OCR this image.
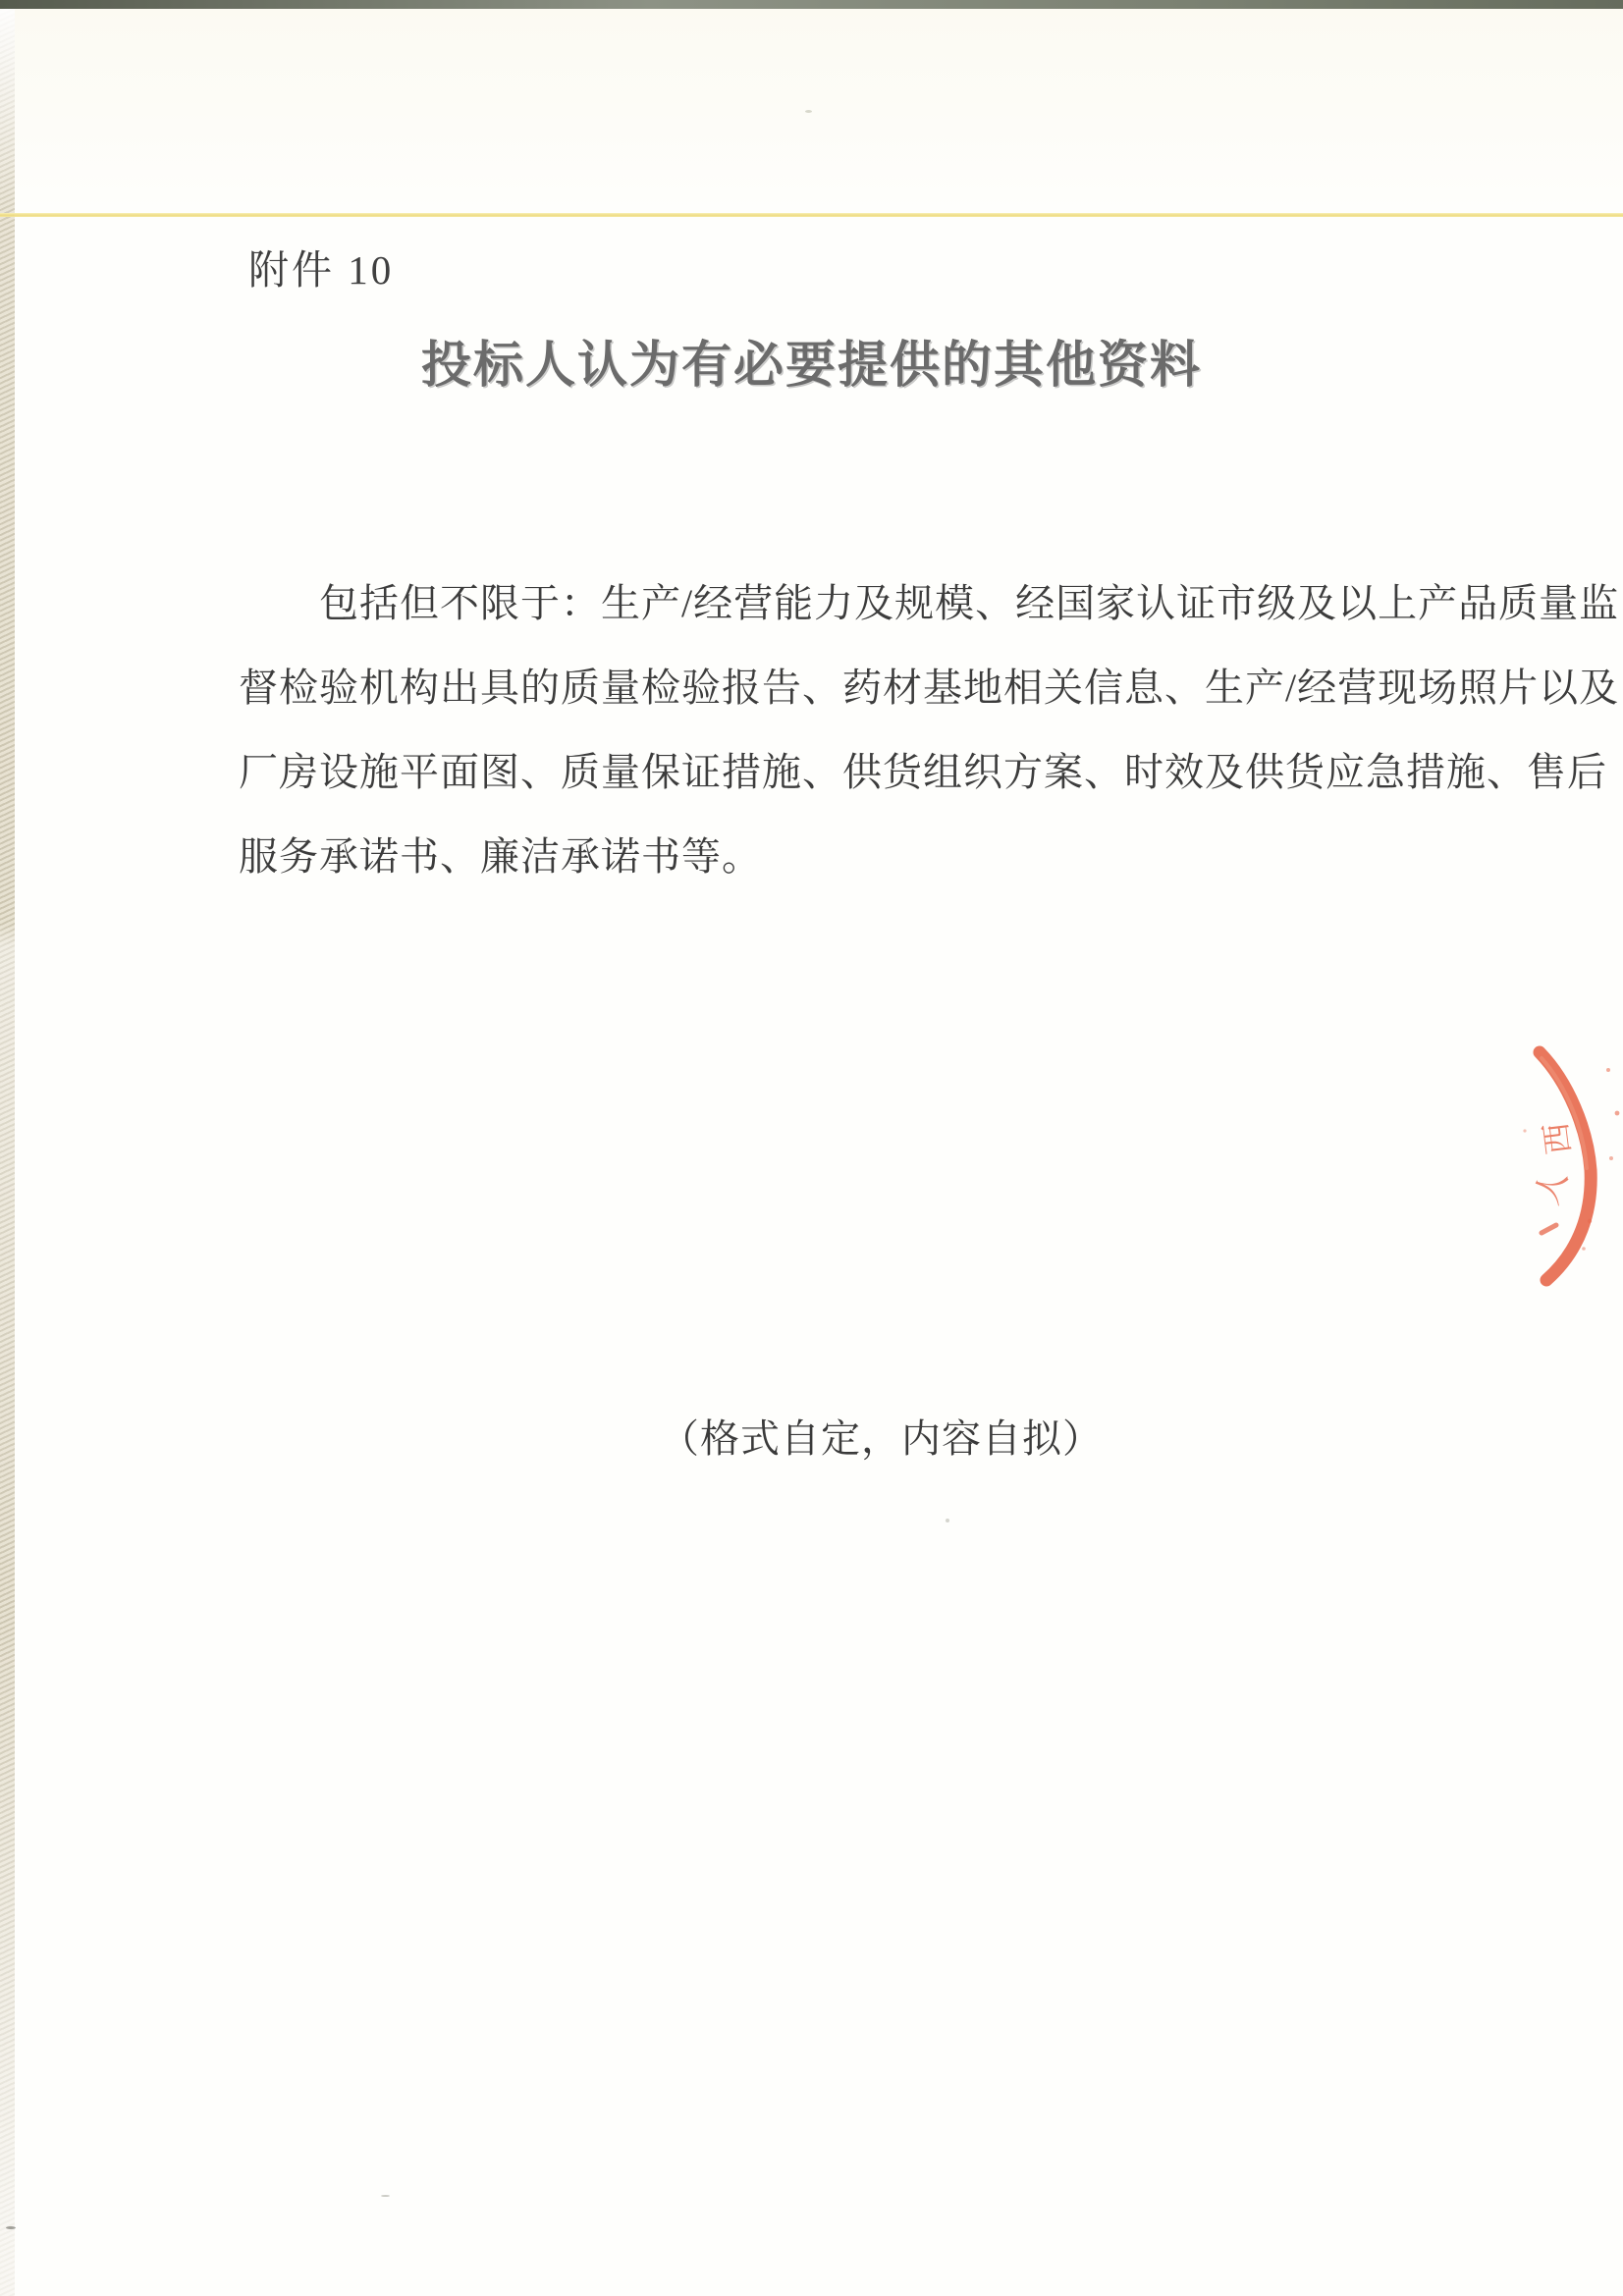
附件 10
投标人认为有必要提供的其他资料
包括但不限于：生产/经营能力及规模、经国家认证市级及以上产品质量监
督检验机构出具的质量检验报告、药材基地相关信息、生产/经营现场照片以及
厂房设施平面图、质量保证措施、供货组织方案、时效及供货应急措施、售后
服务承诺书、廉洁承诺书等。
（格式自定，内容自拟）
西
人
